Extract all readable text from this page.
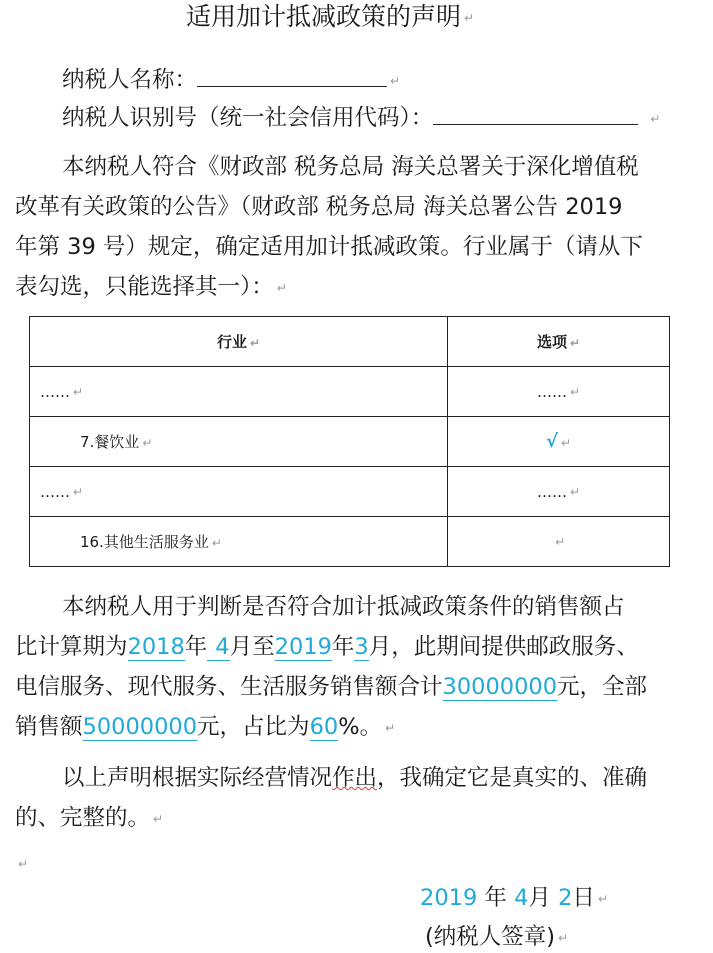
适用加计抵减政策的声明 ↵
纳税人名称：	↵
纳税人识别号（统一社会信用代码）：	↵
本纳税人符合《财政部 税务总局 海关总署关于深化增值税
改革有关政策的公告》（财政部 税务总局 海关总署公告 2019
年第 39 号）规定，确定适用加计抵减政策。行业属于（请从下
表勾选，只能选择其一）： ↵
行业 ↵	选项 ↵
…… ↵	…… ↵
7.餐饮业 ↵	√ ↵
…… ↵	…… ↵
16.其他生活服务业 ↵	↵
本纳税人用于判断是否符合加计抵减政策条件的销售额占
比计算期为2018年 4月至2019年3月，此期间提供邮政服务、
电信服务、现代服务、生活服务销售额合计30000000元，全部
销售额50000000元，占比为60%。 ↵
以上声明根据实际经营情况作出，我确定它是真实的、准确
的、完整的。 ↵
↵
2019 年 4月 2日 ↵
(纳税人签章) ↵
